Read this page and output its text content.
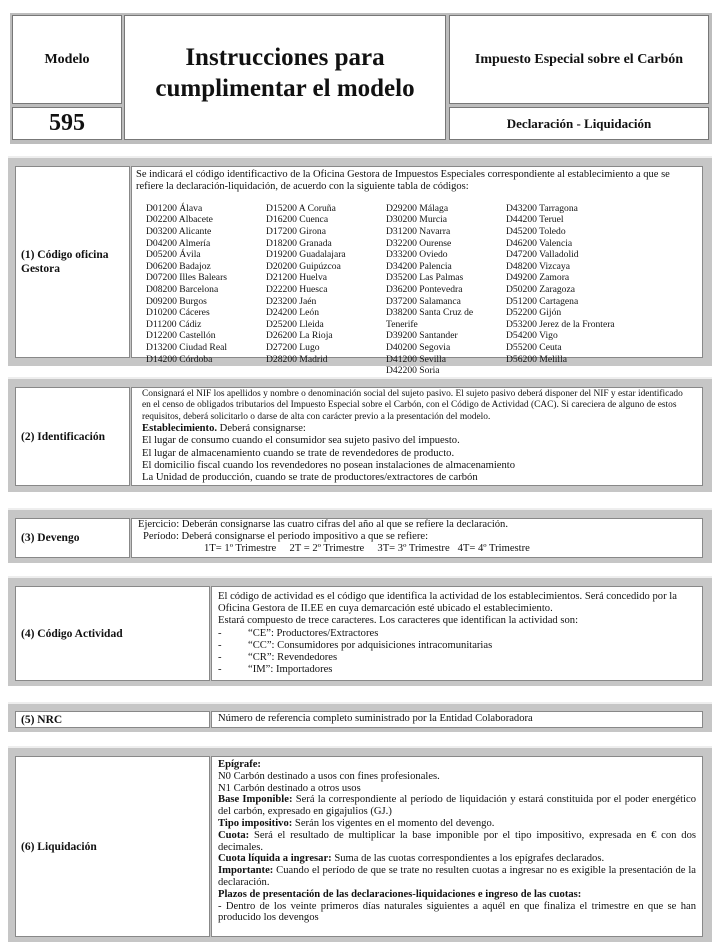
Modelo
595
Instrucciones para
cumplimentar el modelo
Impuesto Especial sobre el Carbón
Declaración - Liquidación
(1) Código oficina
Gestora
Se indicará el código identificactivo de la Oficina Gestora de Impuestos Especiales correspondiente al establecimiento a que se
refiere la declaración-liquidación, de acuerdo con la siguiente tabla de códigos:
D01200 Álava
D02200 Albacete
D03200 Alicante
D04200 Almería
D05200 Ávila
D06200 Badajoz
D07200 Illes Balears
D08200 Barcelona
D09200 Burgos
D10200 Cáceres
D11200 Cádiz
D12200 Castellón
D13200 Ciudad Real
D14200 Córdoba
D15200 A Coruña
D16200 Cuenca
D17200 Girona
D18200 Granada
D19200 Guadalajara
D20200 Guipúzcoa
D21200 Huelva
D22200 Huesca
D23200 Jaén
D24200 León
D25200 Lleida
D26200 La Rioja
D27200 Lugo
D28200 Madrid
D29200 Málaga
D30200 Murcia
D31200 Navarra
D32200 Ourense
D33200 Oviedo
D34200 Palencia
D35200 Las Palmas
D36200 Pontevedra
D37200 Salamanca
D38200 Santa Cruz de Tenerife
D39200 Santander
D40200 Segovia
D41200 Sevilla
D42200 Soria
D43200 Tarragona
D44200 Teruel
D45200 Toledo
D46200 Valencia
D47200 Valladolid
D48200 Vizcaya
D49200 Zamora
D50200 Zaragoza
D51200 Cartagena
D52200 Gijón
D53200 Jerez de la Frontera
D54200 Vigo
D55200 Ceuta
D56200 Melilla
(2) Identificación
Consignará el NIF los apellidos y nombre o denominación social del sujeto pasivo. El sujeto pasivo deberá disponer del NIF y estar identificado
en el censo de obligados tributarios del Impuesto Especial sobre el Carbón, con el Código de Actividad (CAC). Si careciera de alguno de estos
requisitos, deberá solicitarlo o darse de alta con carácter previo a la presentación del modelo.
Establecimiento. Deberá consignarse:
El lugar de consumo cuando el consumidor sea sujeto pasivo del impuesto.
El lugar de almacenamiento cuando se trate de revendedores de producto.
El domicilio fiscal cuando los revendedores no posean instalaciones de almacenamiento
La Unidad de producción, cuando se trate de productores/extractores de carbón
(3) Devengo
Ejercicio: Deberán consignarse las cuatro cifras del año al que se refiere la declaración.
Período: Deberá consignarse el periodo impositivo a que se refiere:
1T= 1º Trimestre     2T = 2º Trimestre     3T= 3º Trimestre   4T= 4º Trimestre
(4) Código Actividad
El código de actividad es el código que identifica la actividad de los establecimientos. Será concedido por la
Oficina Gestora de II.EE en cuya demarcación esté ubicado el establecimiento.
Estará compuesto de trece caracteres. Los caracteres que identifican la actividad son:
-	“CE”: Productores/Extractores
-	“CC”: Consumidores por adquisiciones intracomunitarias
-	“CR”: Revendedores
-	“IM”: Importadores
(5) NRC	Número de referencia completo suministrado por la Entidad Colaboradora
(6) Liquidación

Epígrafe:

N0 Carbón destinado a usos con fines profesionales.

N1 Carbón destinado a otros usos

Base Imponible: Será la correspondiente al período de liquidación y estará constituida por el poder energético del carbón, expresado en gigajulios (GJ.)

Tipo impositivo: Serán los vigentes en el momento del devengo.

Cuota: Será el resultado de multiplicar la base imponible por el tipo impositivo, expresada en € con dos decimales.

Cuota líquida a ingresar: Suma de las cuotas correspondientes a los epígrafes declarados.

Importante: Cuando el período de que se trate no resulten cuotas a ingresar no es exigible la presentación de la declaración.

Plazos de presentación de las declaraciones-liquidaciones e ingreso de las cuotas:

- Dentro de los veinte primeros días naturales siguientes a aquél en que finaliza el trimestre en que se han producido los devengos
